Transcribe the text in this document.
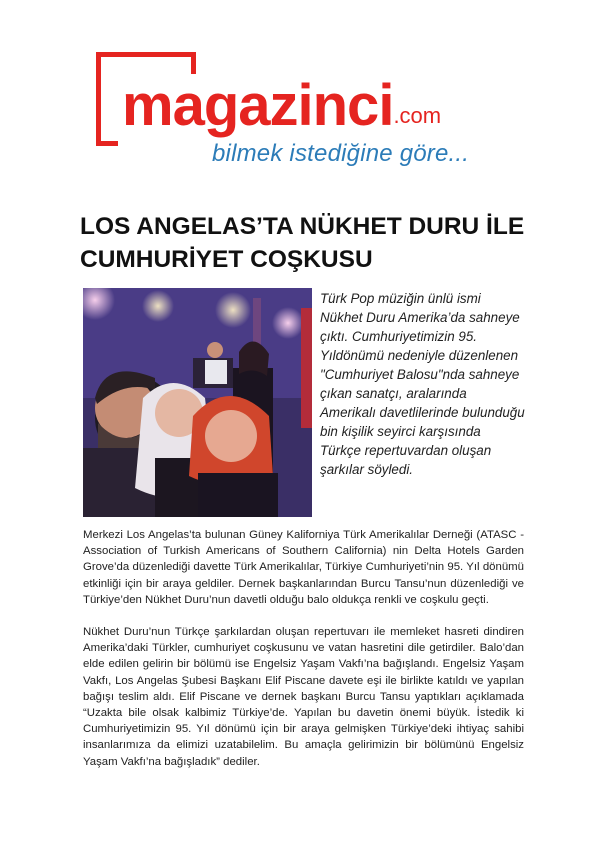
magazinci.com
bilmek istediğine göre...
LOS ANGELAS’TA NÜKHET DURU İLE CUMHURİYET COŞKUSU

Türk Pop müziğin ünlü ismi Nükhet Duru Amerika’da sahneye çıktı. Cumhuriyetimizin 95. Yıldönümü nedeniyle düzenlenen "Cumhuriyet Balosu"nda sahneye çıkan sanatçı, aralarında Amerikalı davetlilerinde bulunduğu bin kişilik seyirci karşısında Türkçe repertuvardan oluşan şarkılar söyledi.

Merkezi Los Angelas’ta bulunan Güney Kaliforniya Türk Amerikalılar Derneği (ATASC - Association of Turkish Americans of Southern California) nin Delta Hotels Garden Grove’da düzenlediği davette Türk Amerikalılar, Türkiye Cumhuriyeti’nin 95. Yıl dönümü etkinliği için bir araya geldiler. Dernek başkanlarından Burcu Tansu’nun düzenlediği ve Türkiye’den Nükhet Duru’nun davetli olduğu balo oldukça renkli ve coşkulu geçti.

Nükhet Duru’nun Türkçe şarkılardan oluşan repertuvarı ile memleket hasreti dindiren Amerika’daki Türkler, cumhuriyet coşkusunu ve vatan hasretini dile getirdiler. Balo’dan elde edilen gelirin bir bölümü ise Engelsiz Yaşam Vakfı’na bağışlandı. Engelsiz Yaşam Vakfı, Los Angelas Şubesi Başkanı Elif Piscane davete eşi ile birlikte katıldı ve yapılan bağışı teslim aldı. Elif Piscane ve dernek başkanı Burcu Tansu yaptıkları açıklamada “Uzakta bile olsak kalbimiz Türkiye’de. Yapılan bu davetin önemi büyük. İstedik ki Cumhuriyetimizin 95. Yıl dönümü için bir araya gelmişken Türkiye’deki ihtiyaç sahibi insanlarımıza da elimizi uzatabilelim. Bu amaçla gelirimizin bir bölümünü Engelsiz Yaşam Vakfı’na bağışladık” dediler.
